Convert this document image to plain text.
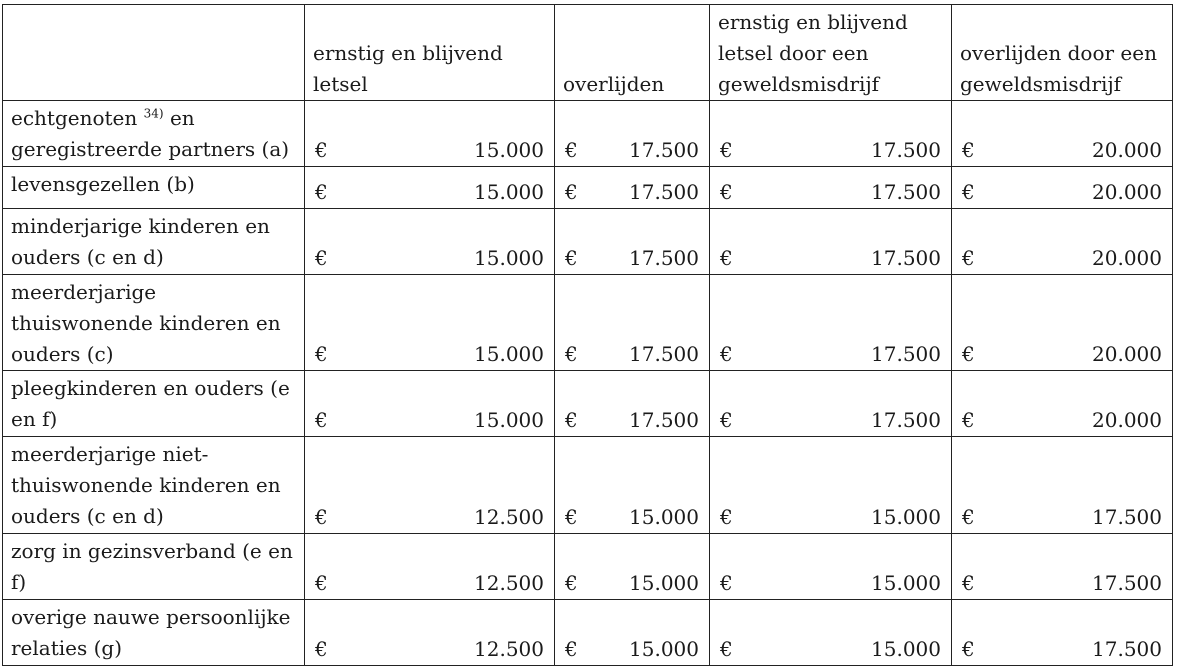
	ernstig en blijvend letsel	overlijden	ernstig en blijvend letsel door een geweldsmisdrijf	overlijden door een geweldsmisdrijf
echtgenoten $^{34)}$ en geregistreerde partners (a)	€ 15.000	€ 17.500	€ 17.500	€ 20.000

levensgezellen (b)	€ 15.000	€ 17.500	€ 17.500	€ 20.000

minderjarige kinderen en ouders (c en d)	€ 15.000	€ 17.500	€ 17.500	€ 20.000

meerderjarige thuiswonende kinderen en ouders (c)	€ 15.000	€ 17.500	€ 17.500	€ 20.000

pleegkinderen en ouders (e en f)	€ 15.000	€ 17.500	€ 17.500	€ 20.000

meerderjarige niet-thuiswonende kinderen en ouders (c en d)	€ 12.500	€ 15.000	€ 15.000	€ 17.500

zorg in gezinsverband (e en f)	€ 12.500	€ 15.000	€ 15.000	€ 17.500

overige nauwe persoonlijke relaties (g)	€ 12.500	€ 15.000	€ 15.000	€ 17.500
